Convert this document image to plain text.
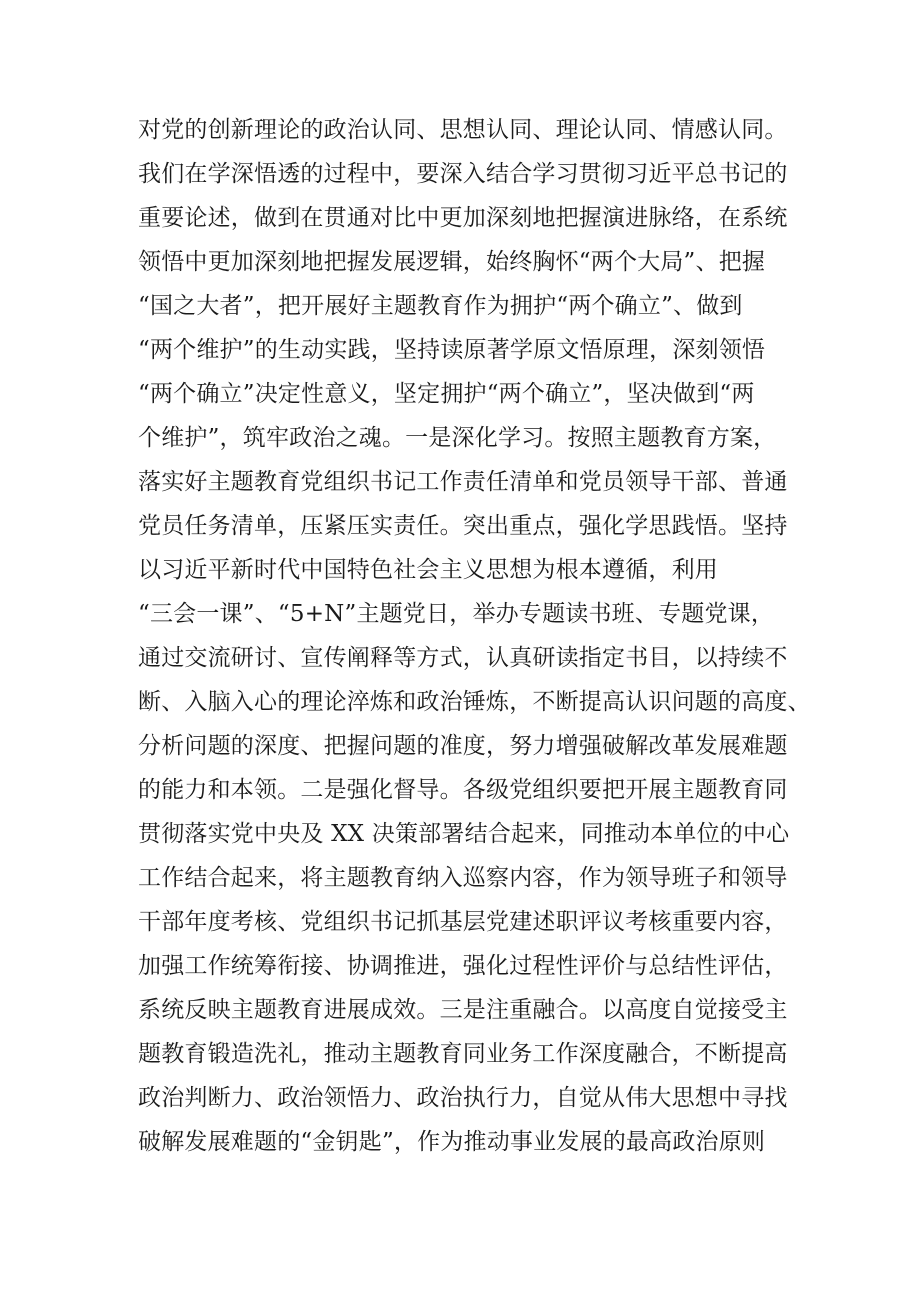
对党的创新理论的政治认同、思想认同、理论认同、情感认同。
我们在学深悟透的过程中，要深入结合学习贯彻习近平总书记的
重要论述，做到在贯通对比中更加深刻地把握演进脉络，在系统
领悟中更加深刻地把握发展逻辑，始终胸怀“两个大局”、把握
“国之大者”，把开展好主题教育作为拥护“两个确立”、做到
“两个维护”的生动实践，坚持读原著学原文悟原理，深刻领悟
“两个确立”决定性意义，坚定拥护“两个确立”，坚决做到“两
个维护”，筑牢政治之魂。一是深化学习。按照主题教育方案，
落实好主题教育党组织书记工作责任清单和党员领导干部、普通
党员任务清单，压紧压实责任。突出重点，强化学思践悟。坚持
以习近平新时代中国特色社会主义思想为根本遵循，利用
“三会一课”、“5+N”主题党日，举办专题读书班、专题党课，
通过交流研讨、宣传阐释等方式，认真研读指定书目，以持续不
断、入脑入心的理论淬炼和政治锤炼，不断提高认识问题的高度、
分析问题的深度、把握问题的准度，努力增强破解改革发展难题
的能力和本领。二是强化督导。各级党组织要把开展主题教育同
贯彻落实党中央及 XX 决策部署结合起来，同推动本单位的中心
工作结合起来，将主题教育纳入巡察内容，作为领导班子和领导
干部年度考核、党组织书记抓基层党建述职评议考核重要内容，
加强工作统筹衔接、协调推进，强化过程性评价与总结性评估，
系统反映主题教育进展成效。三是注重融合。以高度自觉接受主
题教育锻造洗礼，推动主题教育同业务工作深度融合，不断提高
政治判断力、政治领悟力、政治执行力，自觉从伟大思想中寻找
破解发展难题的“金钥匙”，作为推动事业发展的最高政治原则
